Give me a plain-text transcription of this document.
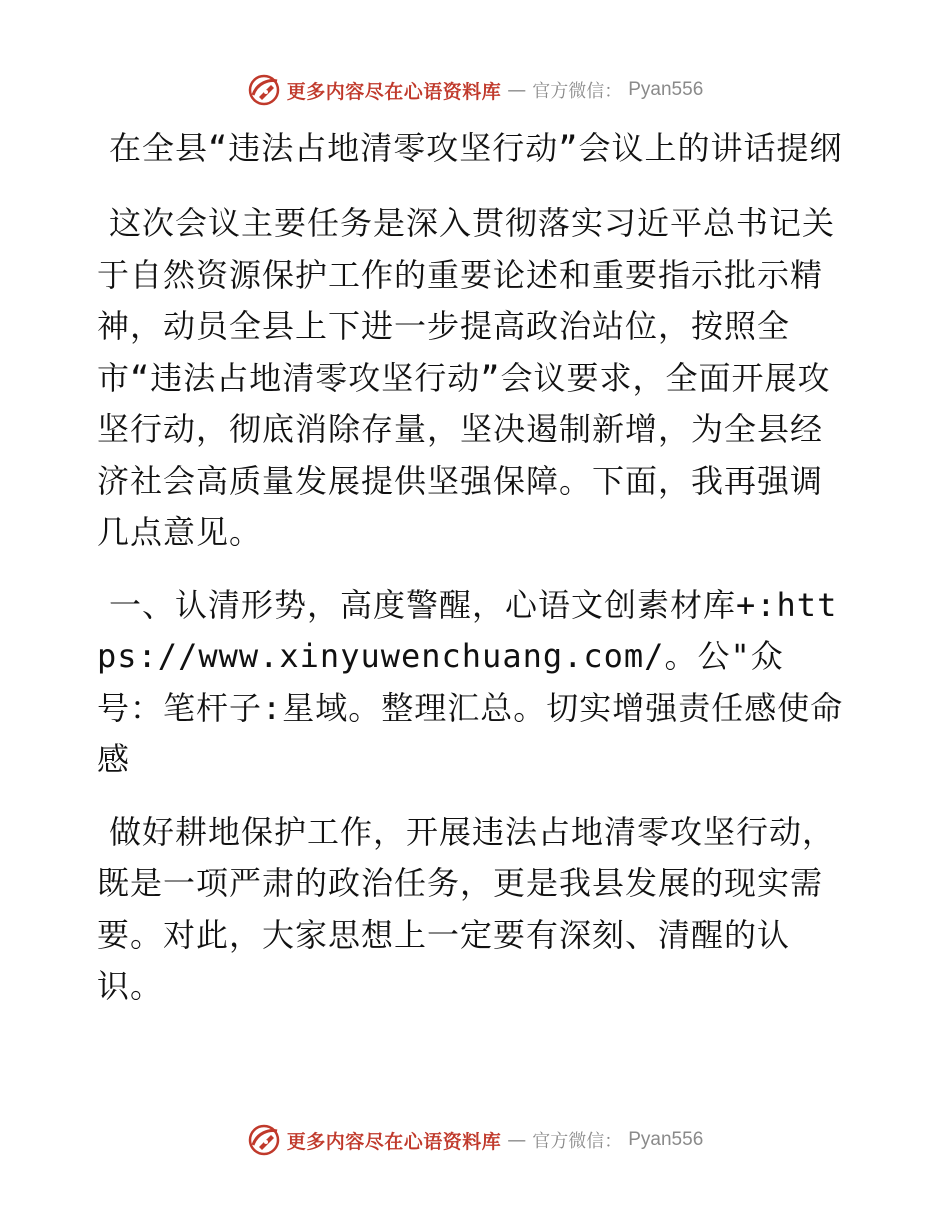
更多内容尽在心语资料库 — 官方微信： Pyan556
在全县“违法占地清零攻坚行动”会议上的讲话提纲

这次会议主要任务是深入贯彻落实习近平总书记关于自然资源保护工作的重要论述和重要指示批示精神，动员全县上下进一步提高政治站位，按照全市“违法占地清零攻坚行动”会议要求，全面开展攻坚行动，彻底消除存量，坚决遏制新增，为全县经济社会高质量发展提供坚强保障。下面，我再强调几点意见。

一、认清形势，高度警醒，心语文创素材库+:https://www.xinyuwenchuang.com/。公"众号：笔杆子:星域。整理汇总。切实增强责任感使命感

做好耕地保护工作，开展违法占地清零攻坚行动，既是一项严肃的政治任务，更是我县发展的现实需要。对此，大家思想上一定要有深刻、清醒的认识。

更多内容尽在心语资料库 — 官方微信： Pyan556
